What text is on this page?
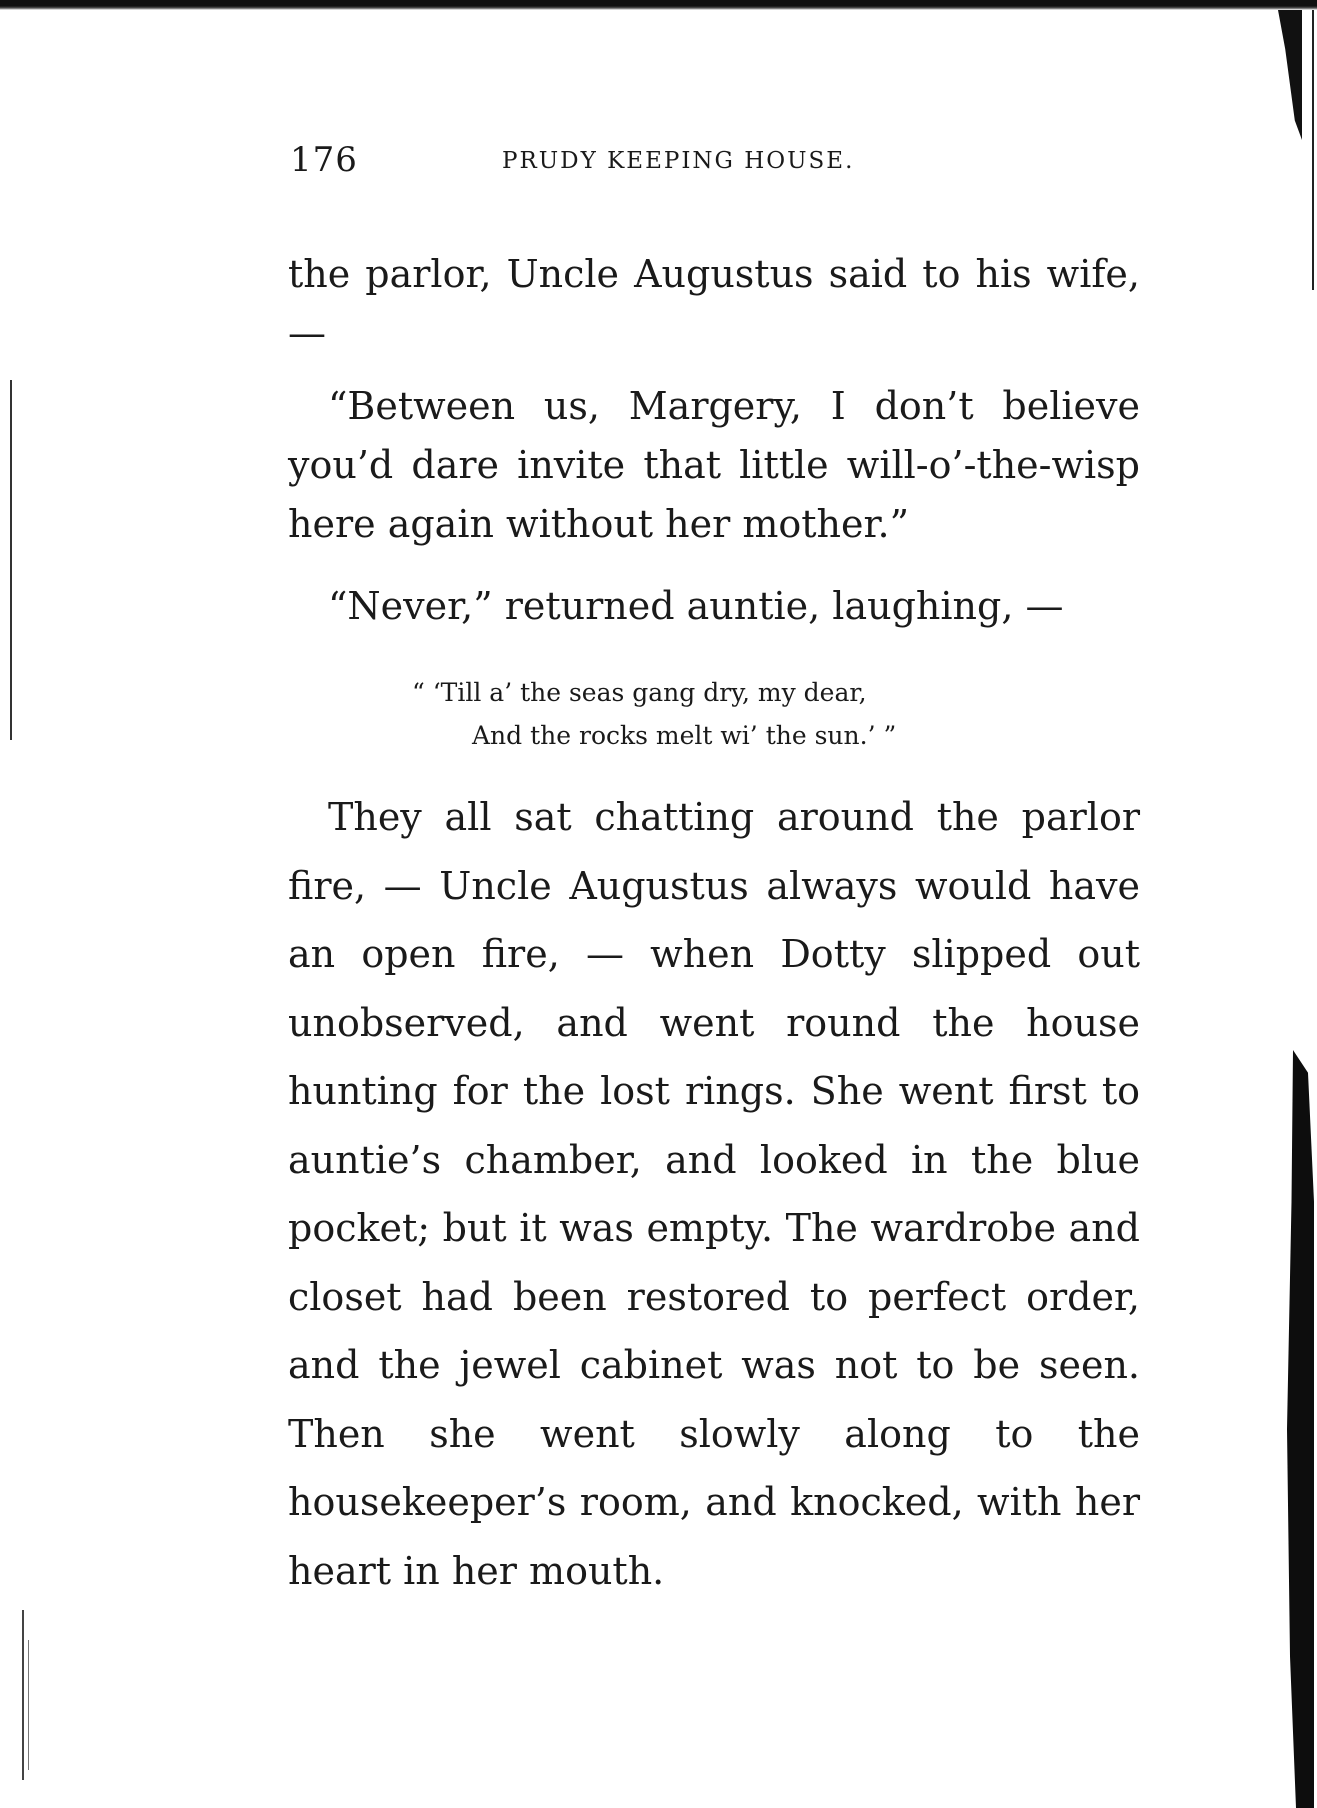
176	PRUDY KEEPING HOUSE.

the parlor, Uncle Augustus said to his wife, —

“Between us, Margery, I don’t believe you’d dare invite that little will-o’-the-wisp here again without her mother.”

“Never,” returned auntie, laughing, —

“ ‘Till a’ the seas gang dry, my dear,
And the rocks melt wi’ the sun.’ ”

They all sat chatting around the parlor fire, — Uncle Augustus always would have an open fire, — when Dotty slipped out unobserved, and went round the house hunting for the lost rings. She went first to auntie’s chamber, and looked in the blue pocket; but it was empty. The wardrobe and closet had been restored to perfect order, and the jewel cabinet was not to be seen. Then she went slowly along to the housekeeper’s room, and knocked, with her heart in her mouth.
